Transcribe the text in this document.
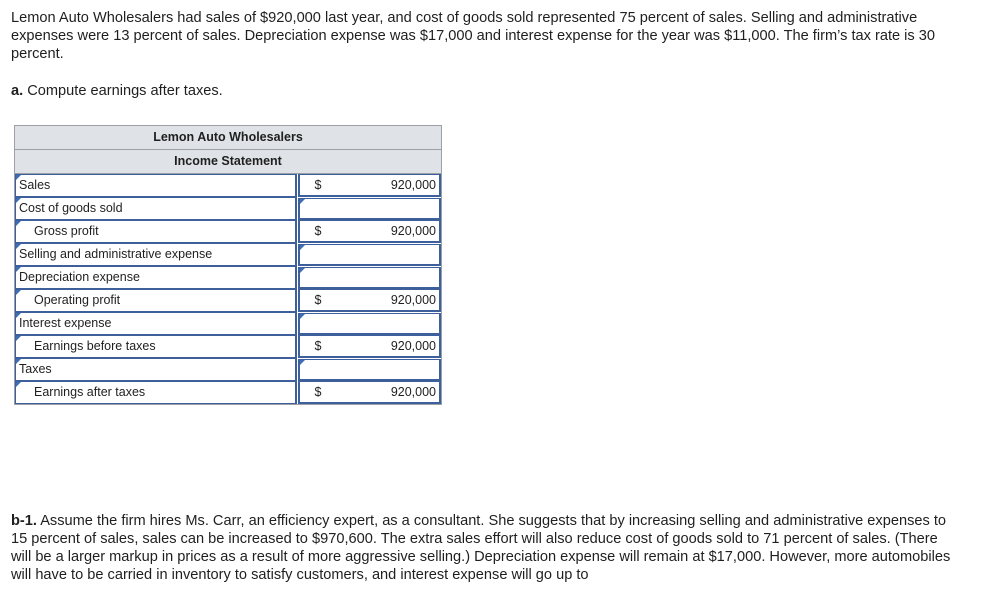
Lemon Auto Wholesalers had sales of $920,000 last year, and cost of goods sold represented 75 percent of sales. Selling and administrative expenses were 13 percent of sales. Depreciation expense was $17,000 and interest expense for the year was $11,000. The firm’s tax rate is 30 percent.
a. Compute earnings after taxes.
Lemon Auto Wholesalers
Income Statement
Sales	$	920,000
Cost of goods sold
Gross profit	$	920,000
Selling and administrative expense
Depreciation expense
Operating profit	$	920,000
Interest expense
Earnings before taxes	$	920,000
Taxes
Earnings after taxes	$	920,000
b-1. Assume the firm hires Ms. Carr, an efficiency expert, as a consultant. She suggests that by increasing selling and administrative expenses to 15 percent of sales, sales can be increased to $970,600. The extra sales effort will also reduce cost of goods sold to 71 percent of sales. (There will be a larger markup in prices as a result of more aggressive selling.) Depreciation expense will remain at $17,000. However, more automobiles will have to be carried in inventory to satisfy customers, and interest expense will go up to
